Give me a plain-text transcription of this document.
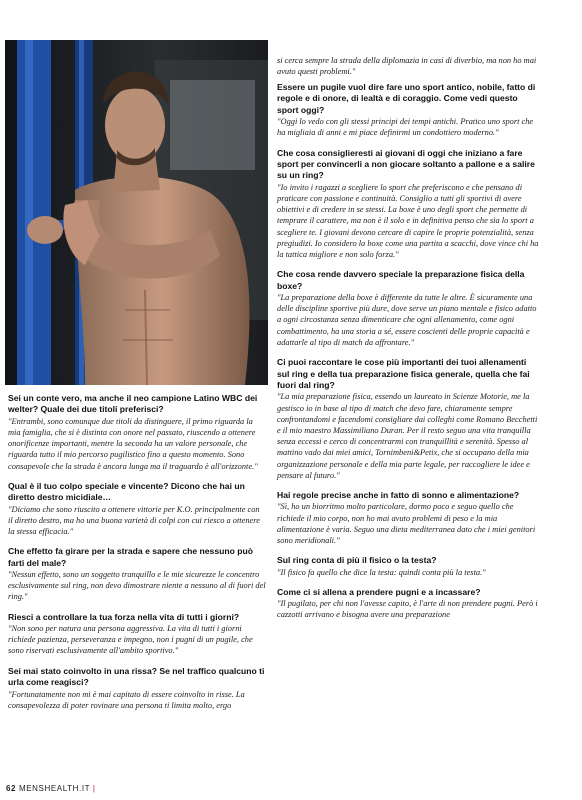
si cerca sempre la strada della diplomazia in casi di diverbio, ma non ho mai avuto questi problemi."

Sei un conte vero, ma anche il neo campione Latino WBC dei welter? Quale dei due titoli preferisci?

"Entrambi, sono comunque due titoli da distinguere, il primo riguarda la mia famiglia, che si è distinta con onore nel passato, riuscendo a ottenere onorificenze importanti, mentre la seconda ha un valore personale, che riguarda tutto il mio percorso pugilistico fino a questo momento. Sono consapevole che la strada è ancora lunga ma il traguardo è all'orizzonte."

Qual è il tuo colpo speciale e vincente? Dicono che hai un diretto destro micidiale…

"Diciamo che sono riuscito a ottenere vittorie per K.O. principalmente con il diretto destro, ma ho una buona varietà di colpi con cui riesco a ottenere la stessa efficacia."

Che effetto fa girare per la strada e sapere che nessuno può farti del male?

"Nessun effetto, sono un soggetto tranquillo e le mie sicurezze le concentro esclusivamente sul ring, non devo dimostrare niente a nessuno al di fuori del ring."

Riesci a controllare la tua forza nella vita di tutti i giorni?

"Non sono per natura una persona aggressiva. La vita di tutti i giorni richiede pazienza, perseveranza e impegno, non i pugni di un pugile, che sono riservati esclusivamente all'ambito sportivo."

Sei mai stato coinvolto in una rissa? Se nel traffico qualcuno ti urla come reagisci?

"Fortunatamente non mi è mai capitato di essere coinvolto in risse. La consapevolezza di poter rovinare una persona ti limita molto, ergo

Essere un pugile vuol dire fare uno sport antico, nobile, fatto di regole e di onore, di lealtà e di coraggio. Come vedi questo sport oggi?

"Oggi lo vedo con gli stessi principi dei tempi antichi. Pratico uno sport che ha migliaia di anni e mi piace definirmi un condottiero moderno."

Che cosa consiglieresti ai giovani di oggi che iniziano a fare sport per convincerli a non giocare soltanto a pallone e a salire su un ring?

"Io invito i ragazzi a scegliere lo sport che preferiscono e che pensano di praticare con passione e continuità. Consiglio a tutti gli sportivi di avere obiettivi e di credere in se stessi. La boxe è uno degli sport che permette di temprare il carattere, ma non è il solo e in definitiva penso che sia lo sport a scegliere te. I giovani devono cercare di capire le proprie potenzialità, senza pregiudizi. Io considero la boxe come una partita a scacchi, dove vince chi ha la tattica migliore e non solo forza."

Che cosa rende davvero speciale la preparazione fisica della boxe?

"La preparazione della boxe è differente da tutte le altre. È sicuramente una delle discipline sportive più dure, dove serve un piano mentale e fisico adatto a ogni circostanza senza dimenticare che ogni allenamento, come ogni combattimento, ha una storia a sé, essere coscienti delle proprie capacità e adattarle al tipo di match da affrontare."

Ci puoi raccontare le cose più importanti dei tuoi allenamenti sul ring e della tua preparazione fisica generale, quella che fai fuori dal ring?

"La mia preparazione fisica, essendo un laureato in Scienze Motorie, me la gestisco io in base al tipo di match che devo fare, chiaramente sempre confrontandomi e facendomi consigliare dai colleghi come Romano Becchetti e il mio maestro Massimiliano Duran. Per il resto seguo una vita tranquilla senza eccessi e cerco di concentrarmi con tranquillità e serenità. Spesso al mattino vado dai miei amici, Tornimbeni&Petix, che si occupano della mia organizzazione personale e della mia parte legale, per raccogliere le idee e pensare al futuro."

Hai regole precise anche in fatto di sonno e alimentazione?

"Sì, ho un biorritmo molto particolare, dormo poco e seguo quello che richiede il mio corpo, non ho mai avuto problemi di peso e la mia alimentazione è varia. Seguo una dieta mediterranea dato che i miei genitori sono meridionali."

Sul ring conta di più il fisico o la testa?

"Il fisico fa quello che dice la testa: quindi conta più la testa."

Come ci si allena a prendere pugni e a incassare?

"Il pugilato, per chi non l'avesse capito, è l'arte di non prendere pugni. Però i cazzotti arrivano e bisogna avere una preparazione

62 MENSHEALTH.IT |
